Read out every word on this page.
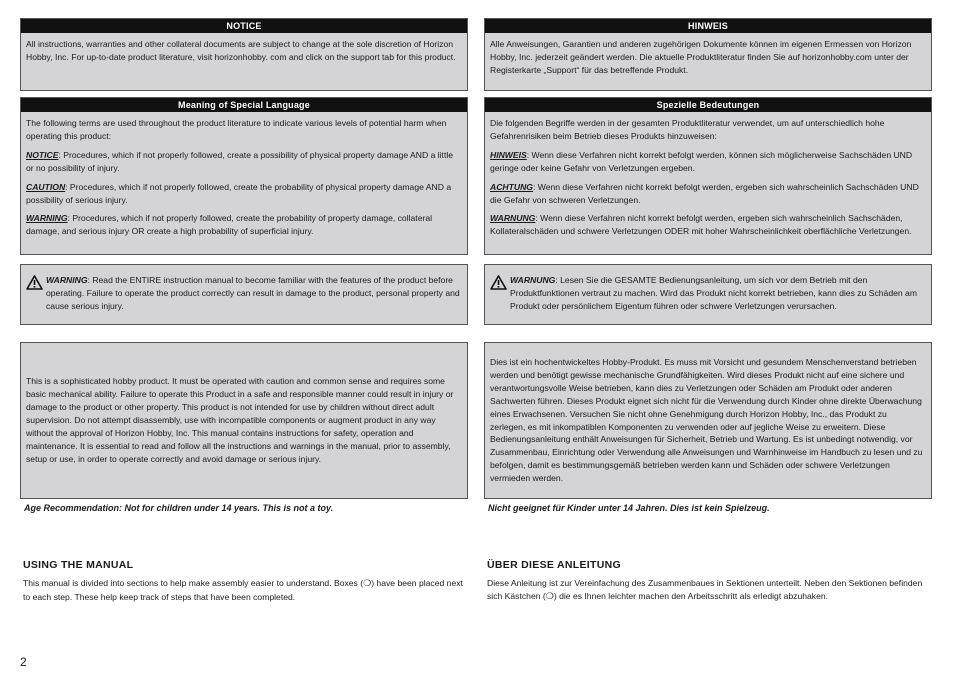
NOTICE

All instructions, warranties and other collateral documents are subject to change at the sole discretion of Horizon Hobby, Inc. For up-to-date product literature, visit horizonhobby. com and click on the support tab for this product.

Meaning of Special Language

The following terms are used throughout the product literature to indicate various levels of potential harm when operating this product:

NOTICE: Procedures, which if not properly followed, create a possibility of physical property damage AND a little or no possibility of injury.

CAUTION: Procedures, which if not properly followed, create the probability of physical property damage AND a possibility of serious injury.

WARNING: Procedures, which if not properly followed, create the probability of property damage, collateral damage, and serious injury OR create a high probability of superficial injury.

WARNING: Read the ENTIRE instruction manual to become familiar with the features of the product before operating. Failure to operate the product correctly can result in damage to the product, personal property and cause serious injury.

This is a sophisticated hobby product. It must be operated with caution and common sense and requires some basic mechanical ability. Failure to operate this Product in a safe and responsible manner could result in injury or damage to the product or other property. This product is not intended for use by children without direct adult supervision. Do not attempt disassembly, use with incompatible components or augment product in any way without the approval of Horizon Hobby, Inc. This manual contains instructions for safety, operation and maintenance. It is essential to read and follow all the instructions and warnings in the manual, prior to assembly, setup or use, in order to operate correctly and avoid damage or serious injury.

Age Recommendation: Not for children under 14 years. This is not a toy.
USING THE MANUAL
This manual is divided into sections to help make assembly easier to understand. Boxes (❍) have been placed next to each step. These help keep track of steps that have been completed.
HINWEIS

Alle Anweisungen, Garantien und anderen zugehörigen Dokumente können im eigenen Ermessen von Horizon Hobby, Inc. jederzeit geändert werden. Die aktuelle Produktliteratur finden Sie auf horizonhobby.com unter der Registerkarte „Support“ für das betreffende Produkt.

Spezielle Bedeutungen

Die folgenden Begriffe werden in der gesamten Produktliteratur verwendet, um auf unterschiedlich hohe Gefahrenrisiken beim Betrieb dieses Produkts hinzuweisen:

HINWEIS: Wenn diese Verfahren nicht korrekt befolgt werden, können sich möglicherweise Sachschäden UND geringe oder keine Gefahr von Verletzungen ergeben.

ACHTUNG: Wenn diese Verfahren nicht korrekt befolgt werden, ergeben sich wahrscheinlich Sachschäden UND die Gefahr von schweren Verletzungen.

WARNUNG: Wenn diese Verfahren nicht korrekt befolgt werden, ergeben sich wahrscheinlich Sachschäden, Kollateralschäden und schwere Verletzungen ODER mit hoher Wahrscheinlichkeit oberflächliche Verletzungen.

WARNUNG: Lesen Sie die GESAMTE Bedienungsanleitung, um sich vor dem Betrieb mit den Produktfunktionen vertraut zu machen. Wird das Produkt nicht korrekt betrieben, kann dies zu Schäden am Produkt oder persönlichem Eigentum führen oder schwere Verletzungen verursachen.

Dies ist ein hochentwickeltes Hobby-Produkt. Es muss mit Vorsicht und gesundem Menschenverstand betrieben werden und benötigt gewisse mechanische Grundfähigkeiten. Wird dieses Produkt nicht auf eine sichere und verantwortungsvolle Weise betrieben, kann dies zu Verletzungen oder Schäden am Produkt oder anderen Sachwerten führen. Dieses Produkt eignet sich nicht für die Verwendung durch Kinder ohne direkte Überwachung eines Erwachsenen. Versuchen Sie nicht ohne Genehmigung durch Horizon Hobby, Inc., das Produkt zu zerlegen, es mit inkompatiblen Komponenten zu verwenden oder auf jegliche Weise zu erweitern. Diese Bedienungsanleitung enthält Anweisungen für Sicherheit, Betrieb und Wartung. Es ist unbedingt notwendig, vor Zusammenbau, Einrichtung oder Verwendung alle Anweisungen und Warnhinweise im Handbuch zu lesen und zu befolgen, damit es bestimmungsgemäß betrieben werden kann und Schäden oder schwere Verletzungen vermieden werden.

Nicht geeignet für Kinder unter 14 Jahren. Dies ist kein Spielzeug.
ÜBER DIESE ANLEITUNG
Diese Anleitung ist zur Vereinfachung des Zusammenbaues in Sektionen unterteilt. Neben den Sektionen befinden sich Kästchen (❍) die es Ihnen leichter machen den Arbeitsschritt als erledigt abzuhaken.
2
